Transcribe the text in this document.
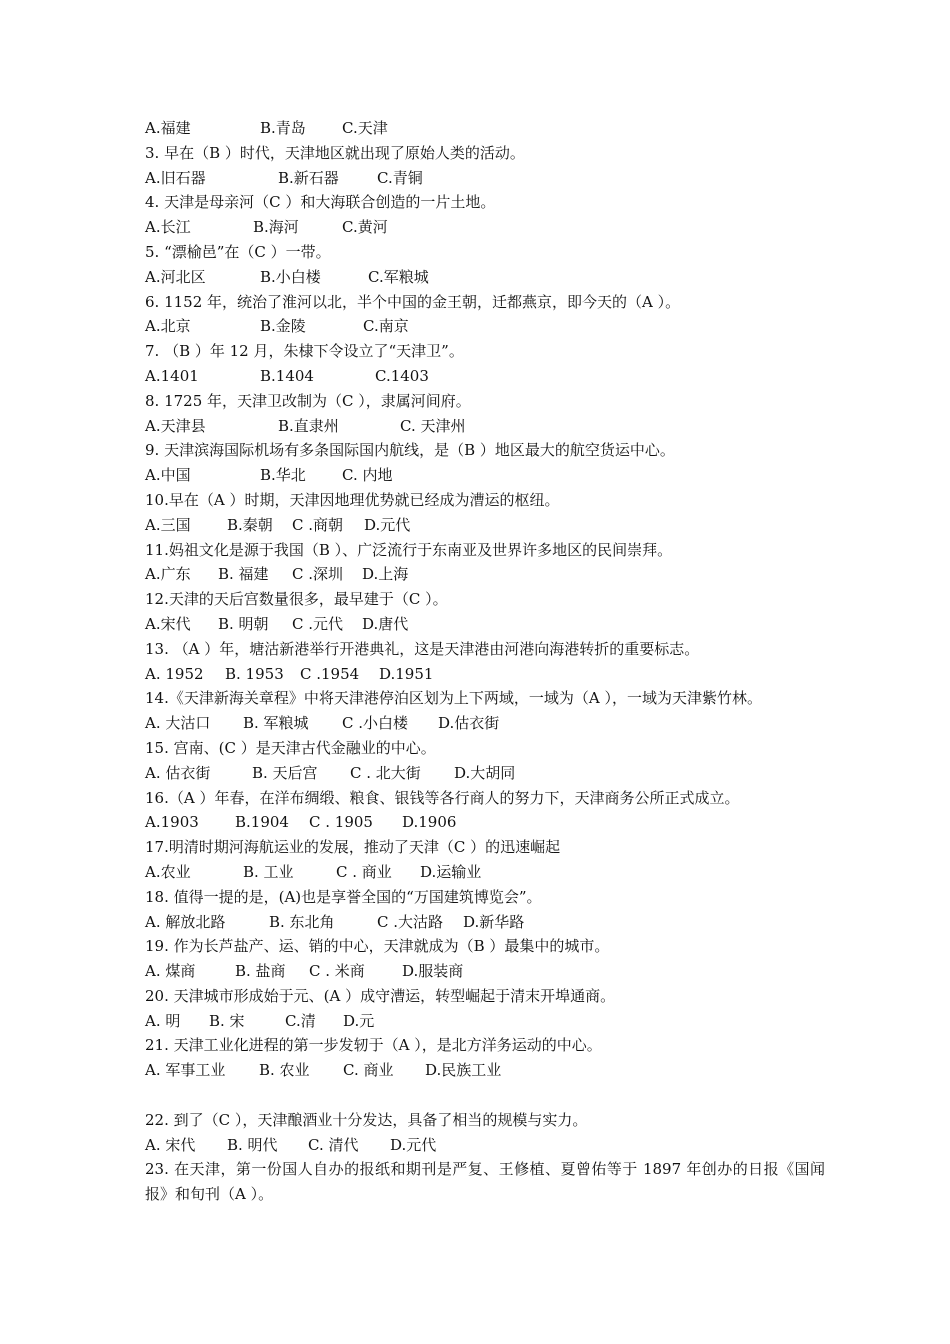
A.福建	B.青岛 C.天津
3. 早在（B ）时代，天津地区就出现了原始人类的活动。
A.旧石器	B.新石器	C.青铜
4. 天津是母亲河（C ）和大海联合创造的一片土地。
A.长江	B.海河	C.黄河
5. “漂榆邑”在（C ）一带。
A.河北区	B.小白楼	C.军粮城
6. 1152 年，统治了淮河以北，半个中国的金王朝，迁都燕京，即今天的（A ）。
A.北京	B.金陵	C.南京
7. （B ）年 12 月，朱棣下令设立了“天津卫”。
A.1401	B.1404	C.1403
8. 1725 年，天津卫改制为（C ），隶属河间府。
A.天津县	B.直隶州	C. 天津州
9. 天津滨海国际机场有多条国际国内航线，是（B ）地区最大的航空货运中心。
A.中国	B.华北 C. 内地
10.早在（A ）时期，天津因地理优势就已经成为漕运的枢纽。
A.三国 B.秦朝 C .商朝 D.元代
11.妈祖文化是源于我国（B ）、广泛流行于东南亚及世界许多地区的民间崇拜。
A.广东 B. 福建 C .深圳 D.上海
12.天津的天后宫数量很多，最早建于（C ）。
A.宋代 B. 明朝 C .元代 D.唐代
13. （A ）年，塘沽新港举行开港典礼，这是天津港由河港向海港转折的重要标志。
A. 1952 B. 1953 C .1954 D.1951
14.《天津新海关章程》中将天津港停泊区划为上下两域，一域为（A ），一域为天津紫竹林。
A. 大沽口 B. 军粮城 C .小白楼 D.估衣街
15. 宫南、(C ）是天津古代金融业的中心。
A. 估衣街	B. 天后宫 C . 北大街 D.大胡同
16.（A ）年春，在洋布绸缎、粮食、银钱等各行商人的努力下，天津商务公所正式成立。
A.1903 B.1904 C . 1905 D.1906
17.明清时期河海航运业的发展，推动了天津（C ）的迅速崛起
A.农业	B. 工业	C . 商业 D.运输业
18. 值得一提的是，(A)也是享誉全国的“万国建筑博览会”。
A. 解放北路	B. 东北角	C .大沽路 D.新华路
19. 作为长芦盐产、运、销的中心，天津就成为（B ）最集中的城市。
A. 煤商	B. 盐商 C . 米商 D.服装商
20. 天津城市形成始于元、(A ）成守漕运，转型崛起于清末开埠通商。
A. 明 B. 宋	C.清 D.元
21. 天津工业化进程的第一步发轫于（A ），是北方洋务运动的中心。
A. 军事工业 B. 农业 C. 商业 D.民族工业
22. 到了（C ），天津酿酒业十分发达，具备了相当的规模与实力。
A. 宋代 B. 明代 C. 清代 D.元代
23. 在天津，第一份国人自办的报纸和期刊是严复、王修植、夏曾佑等于 1897 年创办的日报《国闻报》和旬刊（A ）。
